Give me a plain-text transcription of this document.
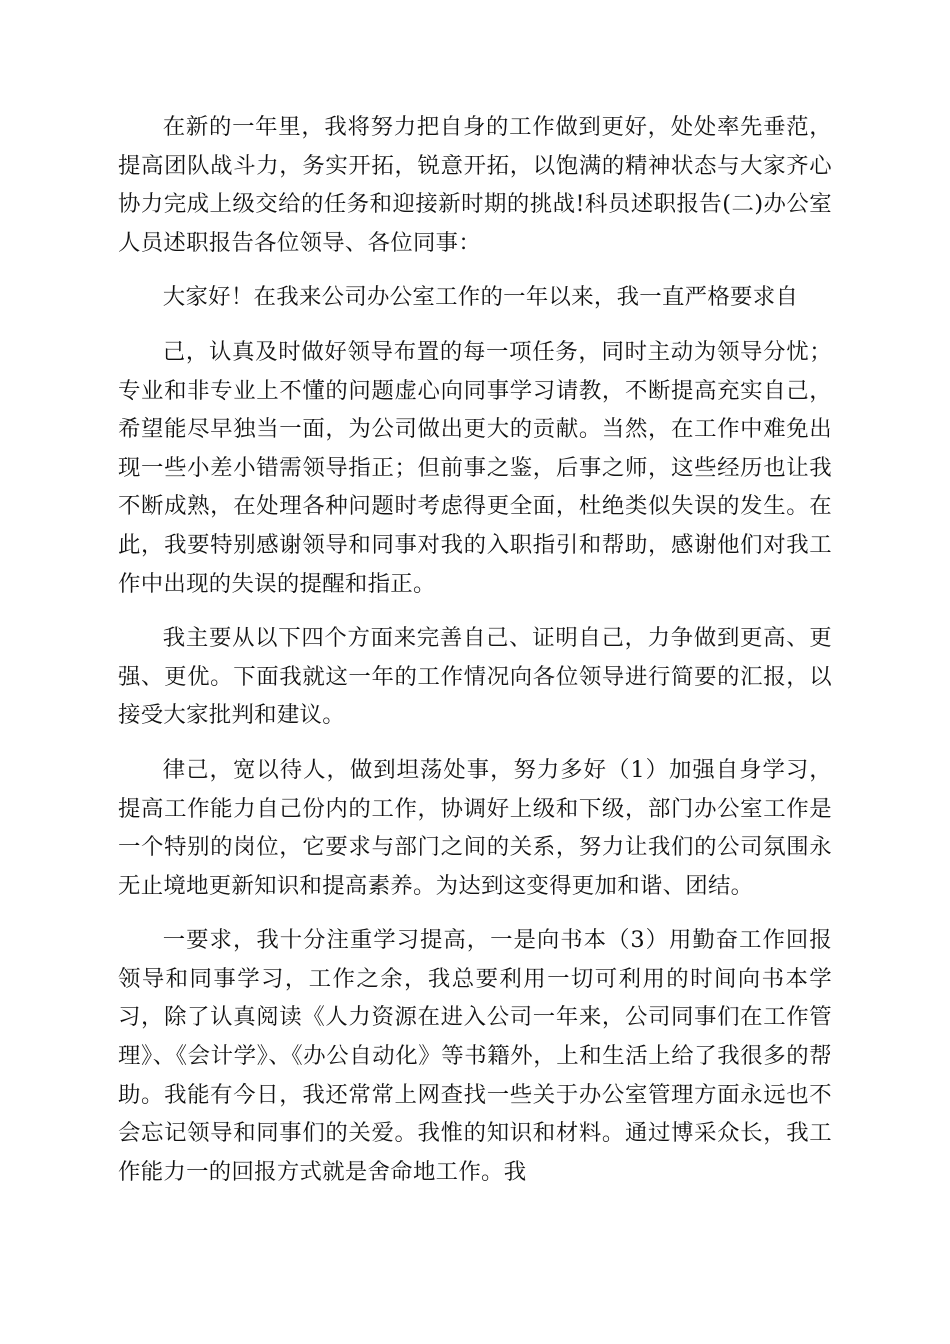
在新的一年里，我将努力把自身的工作做到更好，处处率先垂范，提高团队战斗力，务实开拓，锐意开拓，以饱满的精神状态与大家齐心协力完成上级交给的任务和迎接新时期的挑战!科员述职报告(二)办公室人员述职报告各位领导、各位同事：

大家好！在我来公司办公室工作的一年以来，我一直严格要求自

己，认真及时做好领导布置的每一项任务，同时主动为领导分忧；专业和非专业上不懂的问题虚心向同事学习请教，不断提高充实自己，希望能尽早独当一面，为公司做出更大的贡献。当然，在工作中难免出现一些小差小错需领导指正；但前事之鉴，后事之师，这些经历也让我不断成熟，在处理各种问题时考虑得更全面，杜绝类似失误的发生。在此，我要特别感谢领导和同事对我的入职指引和帮助，感谢他们对我工作中出现的失误的提醒和指正。

我主要从以下四个方面来完善自己、证明自己，力争做到更高、更强、更优。下面我就这一年的工作情况向各位领导进行简要的汇报，以接受大家批判和建议。

律己，宽以待人，做到坦荡处事，努力多好（1）加强自身学习，提高工作能力自己份内的工作，协调好上级和下级，部门办公室工作是一个特别的岗位，它要求与部门之间的关系，努力让我们的公司氛围永无止境地更新知识和提高素养。为达到这变得更加和谐、团结。

一要求，我十分注重学习提高，一是向书本（3）用勤奋工作回报领导和同事学习，工作之余，我总要利用一切可利用的时间向书本学习，除了认真阅读《人力资源在进入公司一年来，公司同事们在工作管理》、《会计学》、《办公自动化》等书籍外，上和生活上给了我很多的帮助。我能有今日，我还常常上网查找一些关于办公室管理方面永远也不会忘记领导和同事们的关爱。我惟的知识和材料。通过博采众长，我工作能力一的回报方式就是舍命地工作。我
